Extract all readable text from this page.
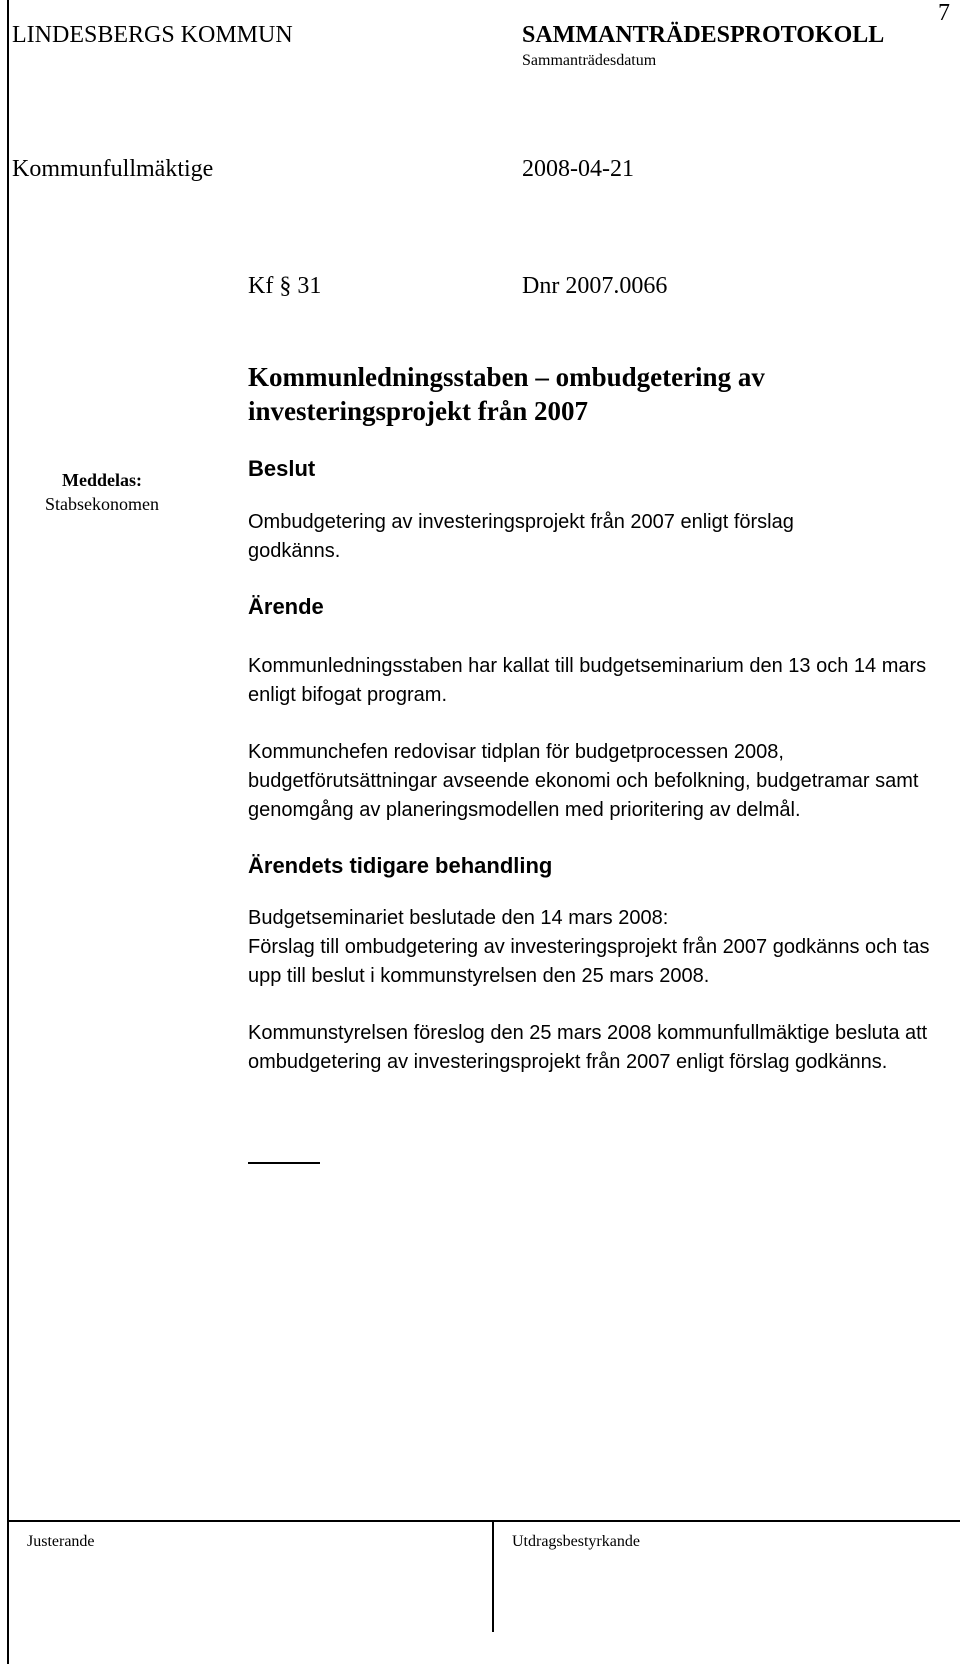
7
LINDESBERGS KOMMUN	SAMMANTRÄDESPROTOKOLL
Sammanträdesdatum
Kommunfullmäktige	2008-04-21
Kf § 31	Dnr 2007.0066
Kommunledningsstaben – ombudgetering av investeringsprojekt från 2007
Meddelas:
Stabsekonomen
Beslut
Ombudgetering av investeringsprojekt från 2007 enligt förslag godkänns.
Ärende
Kommunledningsstaben har kallat till budgetseminarium den 13 och 14 mars enligt bifogat program.
Kommunchefen redovisar tidplan för budgetprocessen 2008, budgetförutsättningar avseende ekonomi och befolkning, budgetramar samt genomgång av planeringsmodellen med prioritering av delmål.
Ärendets tidigare behandling
Budgetseminariet beslutade den 14 mars 2008:
Förslag till ombudgetering av investeringsprojekt från 2007 godkänns och tas upp till beslut i kommunstyrelsen den 25 mars 2008.
Kommunstyrelsen föreslog den 25 mars 2008 kommunfullmäktige besluta att ombudgetering av investeringsprojekt från 2007 enligt förslag godkänns.
Justerande	Utdragsbestyrkande
